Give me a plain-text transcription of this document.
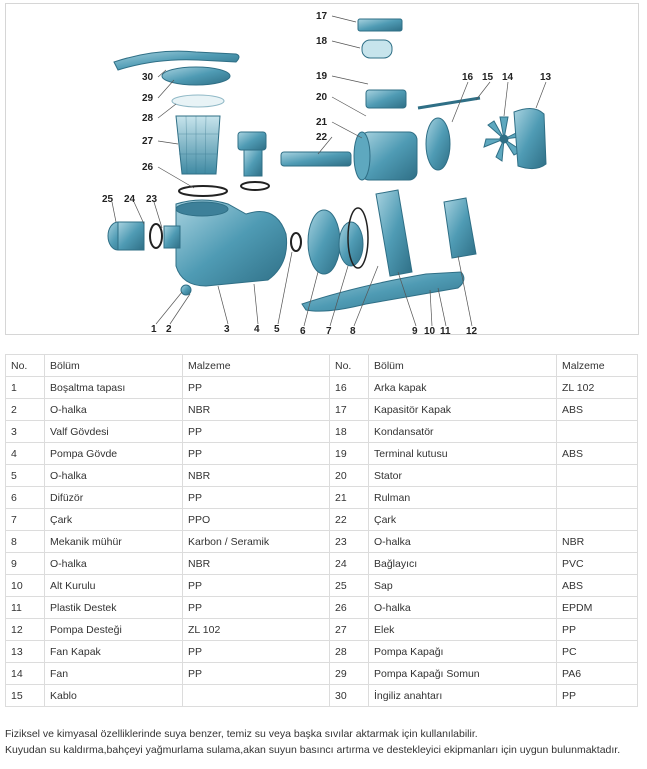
1 2	3 4 5 6 7 8	9 10 11 12
13
14
15
16
17
18
19
20
21
22
23
24
25
26
27
28
29
30
No.	Bölüm	Malzeme	No.	Bölüm	Malzeme
1	Boşaltma tapası	PP	16	Arka kapak	ZL 102
2	O-halka	NBR	17	Kapasitör Kapak	ABS
3	Valf Gövdesi	PP	18	Kondansatör	
4	Pompa Gövde	PP	19	Terminal kutusu	ABS
5	O-halka	NBR	20	Stator	
6	Difüzör	PP	21	Rulman	
7	Çark	PPO	22	Çark	
8	Mekanik mühür	Karbon / Seramik	23	O-halka	NBR
9	O-halka	NBR	24	Bağlayıcı	PVC
10	Alt Kurulu	PP	25	Sap	ABS
11	Plastik Destek	PP	26	O-halka	EPDM
12	Pompa Desteği	ZL 102	27	Elek	PP
13	Fan Kapak	PP	28	Pompa Kapağı	PC
14	Fan	PP	29	Pompa Kapağı Somun	PA6
15	Kablo		30	İngiliz anahtarı	PP

Fiziksel ve kimyasal özelliklerinde suya benzer, temiz su veya başka sıvılar aktarmak için kullanılabilir.

Kuyudan su kaldırma,bahçeyi yağmurlama sulama,akan suyun basıncı artırma ve destekleyici ekipmanları için uygun bulunmaktadır.
